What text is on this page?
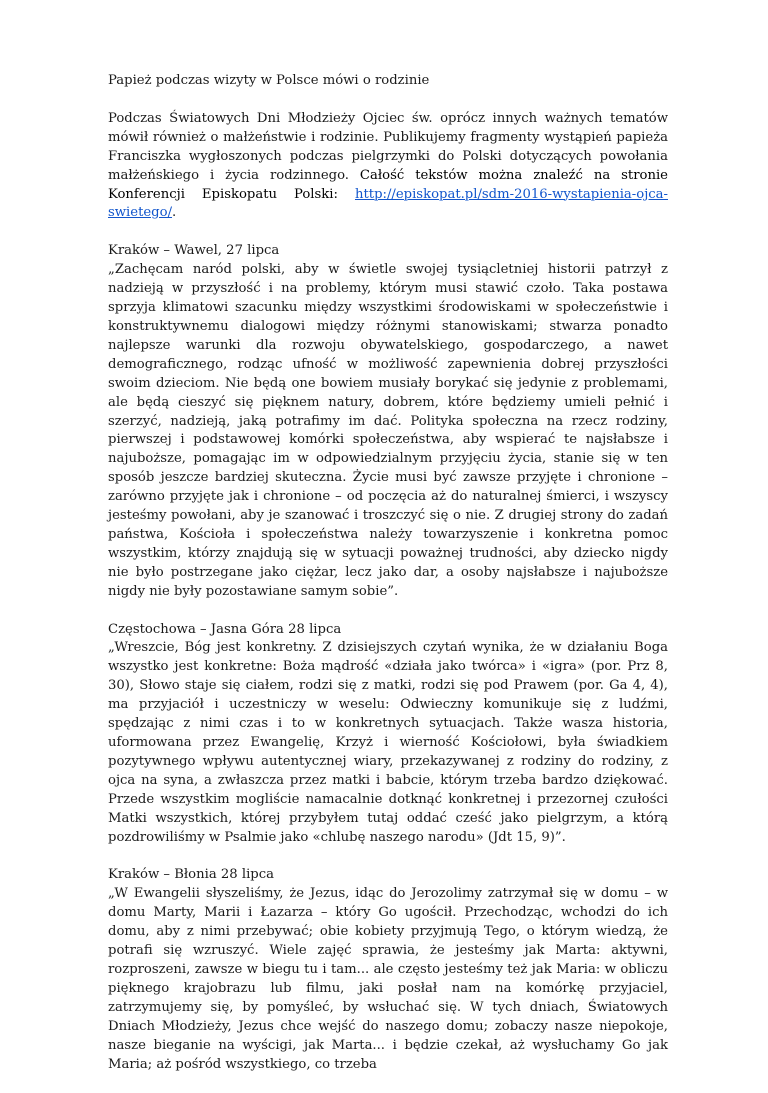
Papież podczas wizyty w Polsce mówi o rodzinie

Podczas Światowych Dni Młodzieży Ojciec św. oprócz innych ważnych tematów mówił również o małżeństwie i rodzinie. Publikujemy fragmenty wystąpień papieża Franciszka wygłoszonych podczas pielgrzymki do Polski dotyczących powołania małżeńskiego i życia rodzinnego. Całość tekstów można znaleźć na stronie Konferencji Episkopatu Polski: http://episkopat.pl/sdm-2016-wystapienia-ojca-swietego/.

Kraków – Wawel, 27 lipca
„Zachęcam naród polski, aby w świetle swojej tysiącletniej historii patrzył z nadzieją w przyszłość i na problemy, którym musi stawić czoło. Taka postawa sprzyja klimatowi szacunku między wszystkimi środowiskami w społeczeństwie i konstruktywnemu dialogowi między różnymi stanowiskami; stwarza ponadto najlepsze warunki dla rozwoju obywatelskiego, gospodarczego, a nawet demograficznego, rodząc ufność w możliwość zapewnienia dobrej przyszłości swoim dzieciom. Nie będą one bowiem musiały borykać się jedynie z problemami, ale będą cieszyć się pięknem natury, dobrem, które będziemy umieli pełnić i szerzyć, nadzieją, jaką potrafimy im dać. Polityka społeczna na rzecz rodziny, pierwszej i podstawowej komórki społeczeństwa, aby wspierać te najsłabsze i najuboższe, pomagając im w odpowiedzialnym przyjęciu życia, stanie się w ten sposób jeszcze bardziej skuteczna. Życie musi być zawsze przyjęte i chronione – zarówno przyjęte jak i chronione – od poczęcia aż do naturalnej śmierci, i wszyscy jesteśmy powołani, aby je szanować i troszczyć się o nie. Z drugiej strony do zadań państwa, Kościoła i społeczeństwa należy towarzyszenie i konkretna pomoc wszystkim, którzy znajdują się w sytuacji poważnej trudności, aby dziecko nigdy nie było postrzegane jako ciężar, lecz jako dar, a osoby najsłabsze i najuboższe nigdy nie były pozostawiane samym sobie”.

Częstochowa – Jasna Góra 28 lipca
„Wreszcie, Bóg jest konkretny. Z dzisiejszych czytań wynika, że w działaniu Boga wszystko jest konkretne: Boża mądrość «działa jako twórca» i «igra» (por. Prz 8, 30), Słowo staje się ciałem, rodzi się z matki, rodzi się pod Prawem (por. Ga 4, 4), ma przyjaciół i uczestniczy w weselu: Odwieczny komunikuje się z ludźmi, spędzając z nimi czas i to w konkretnych sytuacjach. Także wasza historia, uformowana przez Ewangelię, Krzyż i wierność Kościołowi, była świadkiem pozytywnego wpływu autentycznej wiary, przekazywanej z rodziny do rodziny, z ojca na syna, a zwłaszcza przez matki i babcie, którym trzeba bardzo dziękować. Przede wszystkim mogliście namacalnie dotknąć konkretnej i przezornej czułości Matki wszystkich, której przybyłem tutaj oddać cześć jako pielgrzym, a którą pozdrowiliśmy w Psalmie jako «chlubę naszego narodu» (Jdt 15, 9)”.

Kraków – Błonia 28 lipca
„W Ewangelii słyszeliśmy, że Jezus, idąc do Jerozolimy zatrzymał się w domu – w domu Marty, Marii i Łazarza – który Go ugościł. Przechodząc, wchodzi do ich domu, aby z nimi przebywać; obie kobiety przyjmują Tego, o którym wiedzą, że potrafi się wzruszyć. Wiele zajęć sprawia, że jesteśmy jak Marta: aktywni, rozproszeni, zawsze w biegu tu i tam... ale często jesteśmy też jak Maria: w obliczu pięknego krajobrazu lub filmu, jaki posłał nam na komórkę przyjaciel, zatrzymujemy się, by pomyśleć, by wsłuchać się. W tych dniach, Światowych Dniach Młodzieży, Jezus chce wejść do naszego domu; zobaczy nasze niepokoje, nasze bieganie na wyścigi, jak Marta... i będzie czekał, aż wysłuchamy Go jak Maria; aż pośród wszystkiego, co trzeba
